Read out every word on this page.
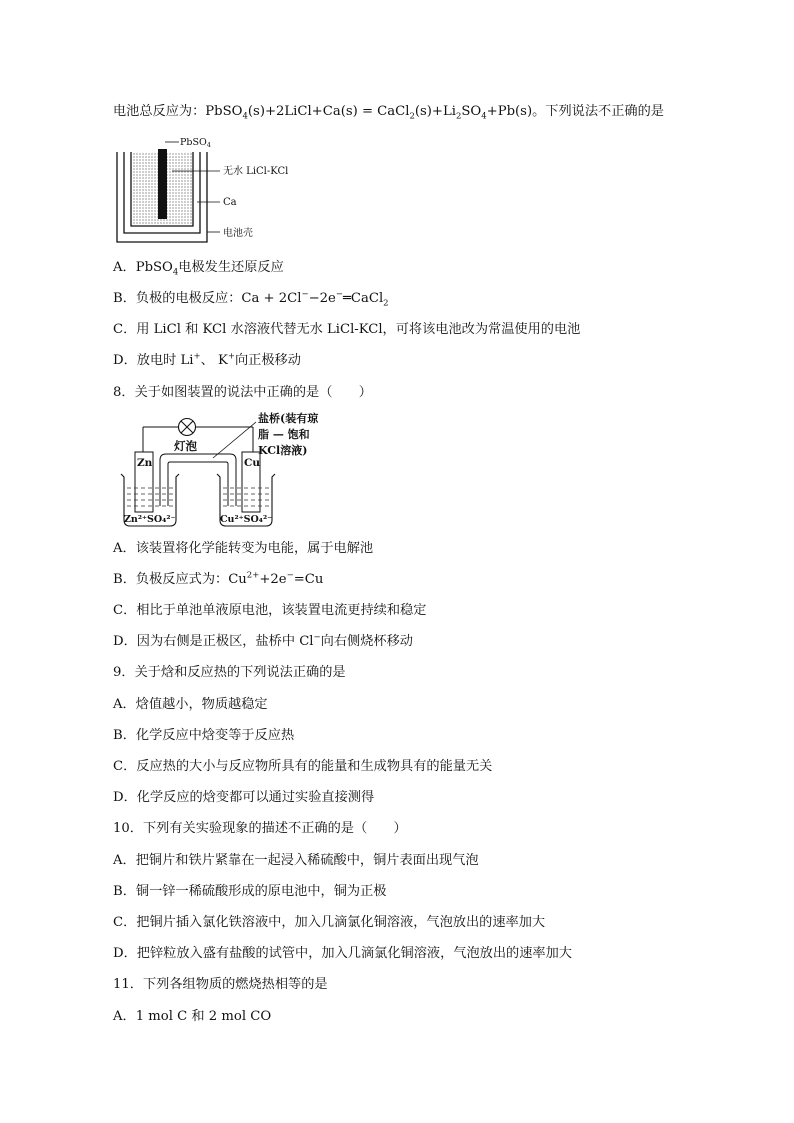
电池总反应为：PbSO$_4$(s)+2LiCl+Ca(s) = $CaCl_2(s)+Li_2SO_4+Pb(s)$。下列说法不正确的是
PbSO$_4$
无水 LiCl-KCl
Ca
电池壳
A．PbSO$_4$电极发生还原反应
B．负极的电极反应：Ca + 2Cl−−2e−═CaCl$_2$
C．用 LiCl 和 KCl 水溶液代替无水 LiCl-KCl，可将该电池改为常温使用的电池
D．放电时 Li+、 K+向正极移动
8．关于如图装置的说法中正确的是（　　）
灯泡
Zn	Cu
盐桥(装有琼
脂 — 饱和
KCl溶液)
Zn²⁺SO₄²⁻	Cu²⁺SO₄²⁻
A．该装置将化学能转变为电能，属于电解池
B．负极反应式为：$Cu^{2+}+2e^-=Cu$
C．相比于单池单液原电池，该装置电流更持续和稳定
D．因为右侧是正极区，盐桥中 Cl−向右侧烧杯移动
9．关于焓和反应热的下列说法正确的是
A．焓值越小，物质越稳定
B．化学反应中焓变等于反应热
C．反应热的大小与反应物所具有的能量和生成物具有的能量无关
D．化学反应的焓变都可以通过实验直接测得
10．下列有关实验现象的描述不正确的是（　　）
A．把铜片和铁片紧靠在一起浸入稀硫酸中，铜片表面出现气泡
B．铜一锌一稀硫酸形成的原电池中，铜为正极
C．把铜片插入氯化铁溶液中，加入几滴氯化铜溶液，气泡放出的速率加大
D．把锌粒放入盛有盐酸的试管中，加入几滴氯化铜溶液，气泡放出的速率加大
11．下列各组物质的燃烧热相等的是
A．1 mol C 和 2 mol CO
